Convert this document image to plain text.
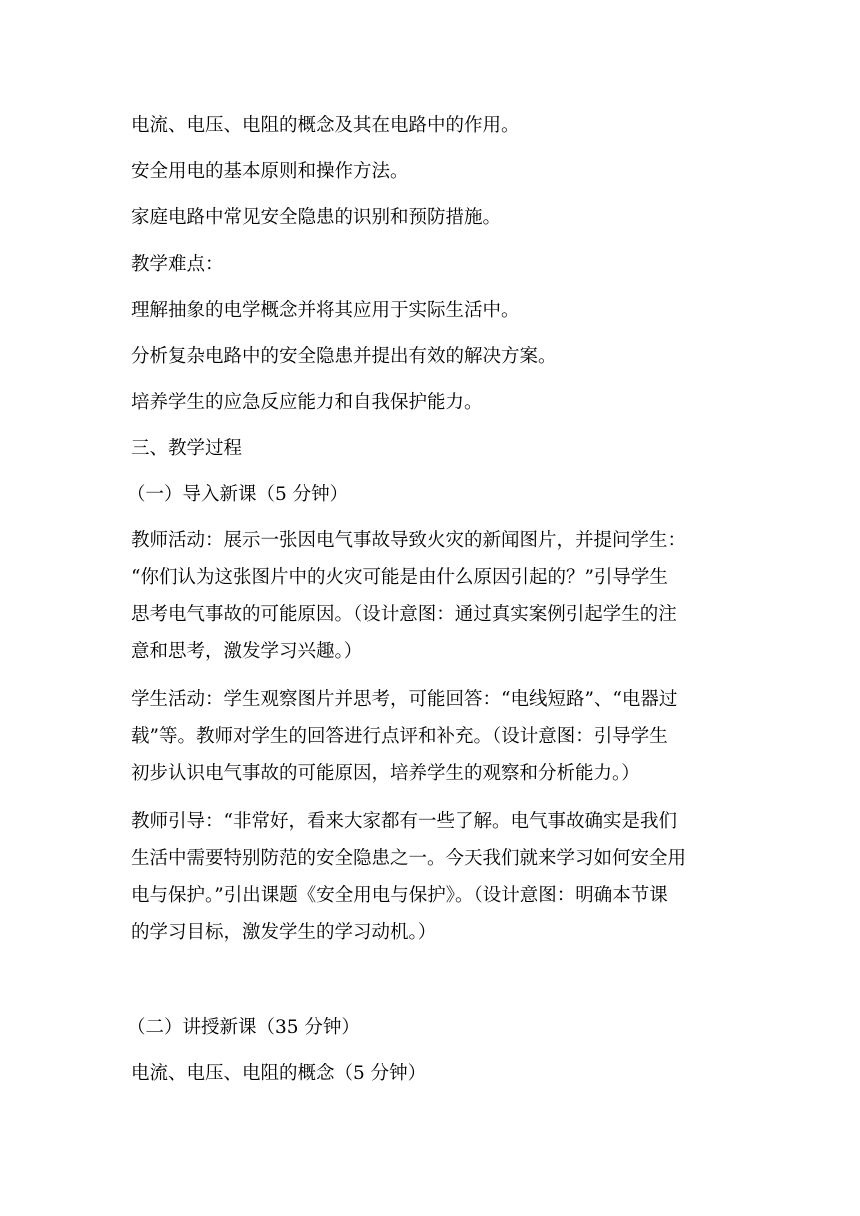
电流、电压、电阻的概念及其在电路中的作用。

安全用电的基本原则和操作方法。

家庭电路中常见安全隐患的识别和预防措施。

教学难点：

理解抽象的电学概念并将其应用于实际生活中。

分析复杂电路中的安全隐患并提出有效的解决方案。

培养学生的应急反应能力和自我保护能力。

三、教学过程

（一）导入新课（5 分钟）

教师活动：展示一张因电气事故导致火灾的新闻图片，并提问学生：
“你们认为这张图片中的火灾可能是由什么原因引起的？”引导学生
思考电气事故的可能原因。（设计意图：通过真实案例引起学生的注
意和思考，激发学习兴趣。）

学生活动：学生观察图片并思考，可能回答：“电线短路”、“电器过
载”等。教师对学生的回答进行点评和补充。（设计意图：引导学生
初步认识电气事故的可能原因，培养学生的观察和分析能力。）

教师引导：“非常好，看来大家都有一些了解。电气事故确实是我们
生活中需要特别防范的安全隐患之一。今天我们就来学习如何安全用
电与保护。”引出课题《安全用电与保护》。（设计意图：明确本节课
的学习目标，激发学生的学习动机。）

（二）讲授新课（35 分钟）

电流、电压、电阻的概念（5 分钟）
